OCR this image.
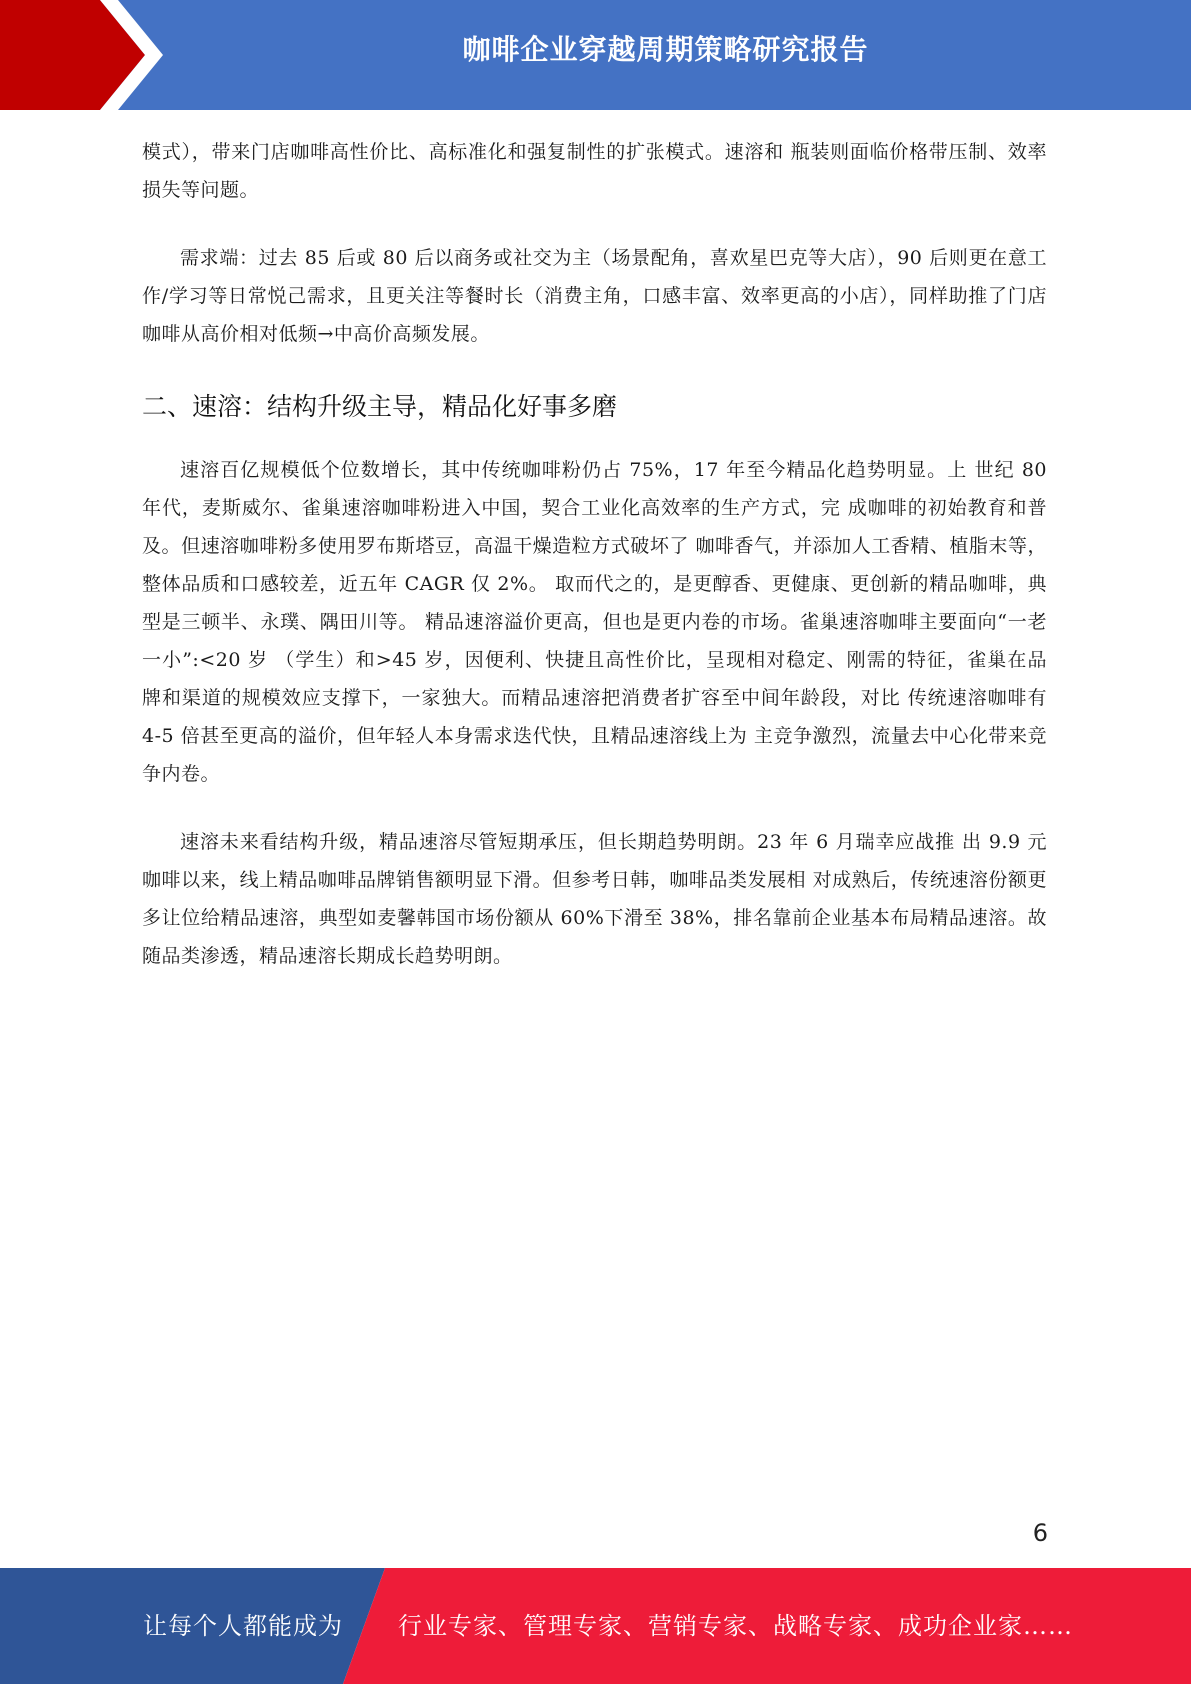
咖啡企业穿越周期策略研究报告

模式），带来门店咖啡高性价比、高标准化和强复制性的扩张模式。速溶和 瓶装则面临价格带压制、效率损失等问题。

需求端：过去 85 后或 80 后以商务或社交为主（场景配角，喜欢星巴克等大店），90 后则更在意工作/学习等日常悦己需求，且更关注等餐时长（消费主角，口感丰富、效率更高的小店），同样助推了门店咖啡从高价相对低频→中高价高频发展。

二、速溶：结构升级主导，精品化好事多磨

速溶百亿规模低个位数增长，其中传统咖啡粉仍占 75%，17 年至今精品化趋势明显。上 世纪 80 年代，麦斯威尔、雀巢速溶咖啡粉进入中国，契合工业化高效率的生产方式，完 成咖啡的初始教育和普及。但速溶咖啡粉多使用罗布斯塔豆，高温干燥造粒方式破坏了 咖啡香气，并添加人工香精、植脂末等，整体品质和口感较差，近五年 CAGR 仅 2%。 取而代之的，是更醇香、更健康、更创新的精品咖啡，典型是三顿半、永璞、隅田川等。 精品速溶溢价更高，但也是更内卷的市场。雀巢速溶咖啡主要面向“一老一小”:<20 岁 （学生）和>45 岁，因便利、快捷且高性价比，呈现相对稳定、刚需的特征，雀巢在品 牌和渠道的规模效应支撑下，一家独大。而精品速溶把消费者扩容至中间年龄段，对比 传统速溶咖啡有 4-5 倍甚至更高的溢价，但年轻人本身需求迭代快，且精品速溶线上为 主竞争激烈，流量去中心化带来竞争内卷。

速溶未来看结构升级，精品速溶尽管短期承压，但长期趋势明朗。23 年 6 月瑞幸应战推 出 9.9 元咖啡以来，线上精品咖啡品牌销售额明显下滑。但参考日韩，咖啡品类发展相 对成熟后，传统速溶份额更多让位给精品速溶，典型如麦馨韩国市场份额从 60%下滑至 38%，排名靠前企业基本布局精品速溶。故随品类渗透，精品速溶长期成长趋势明朗。

6
让每个人都能成为 行业专家、管理专家、营销专家、战略专家、成功企业家……
